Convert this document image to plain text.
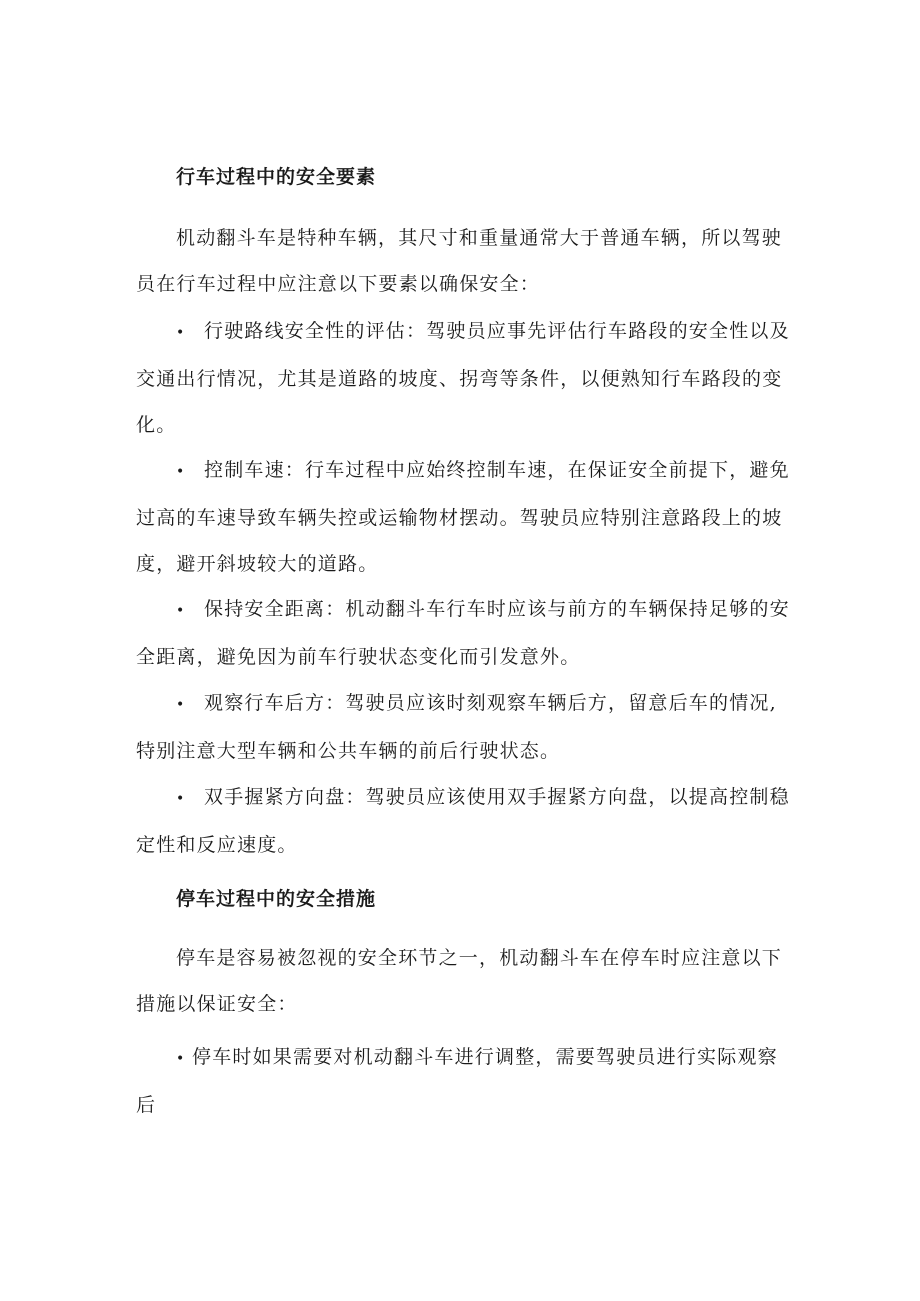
行车过程中的安全要素

机动翻斗车是特种车辆，其尺寸和重量通常大于普通车辆，所以驾驶员在行车过程中应注意以下要素以确保安全：

• 行驶路线安全性的评估：驾驶员应事先评估行车路段的安全性以及交通出行情况，尤其是道路的坡度、拐弯等条件，以便熟知行车路段的变化。

• 控制车速：行车过程中应始终控制车速，在保证安全前提下，避免过高的车速导致车辆失控或运输物材摆动。驾驶员应特别注意路段上的坡度，避开斜坡较大的道路。

• 保持安全距离：机动翻斗车行车时应该与前方的车辆保持足够的安全距离，避免因为前车行驶状态变化而引发意外。

• 观察行车后方：驾驶员应该时刻观察车辆后方，留意后车的情况,特别注意大型车辆和公共车辆的前后行驶状态。

• 双手握紧方向盘：驾驶员应该使用双手握紧方向盘，以提高控制稳定性和反应速度。

停车过程中的安全措施

停车是容易被忽视的安全环节之一，机动翻斗车在停车时应注意以下措施以保证安全：

• 停车时如果需要对机动翻斗车进行调整，需要驾驶员进行实际观察后
